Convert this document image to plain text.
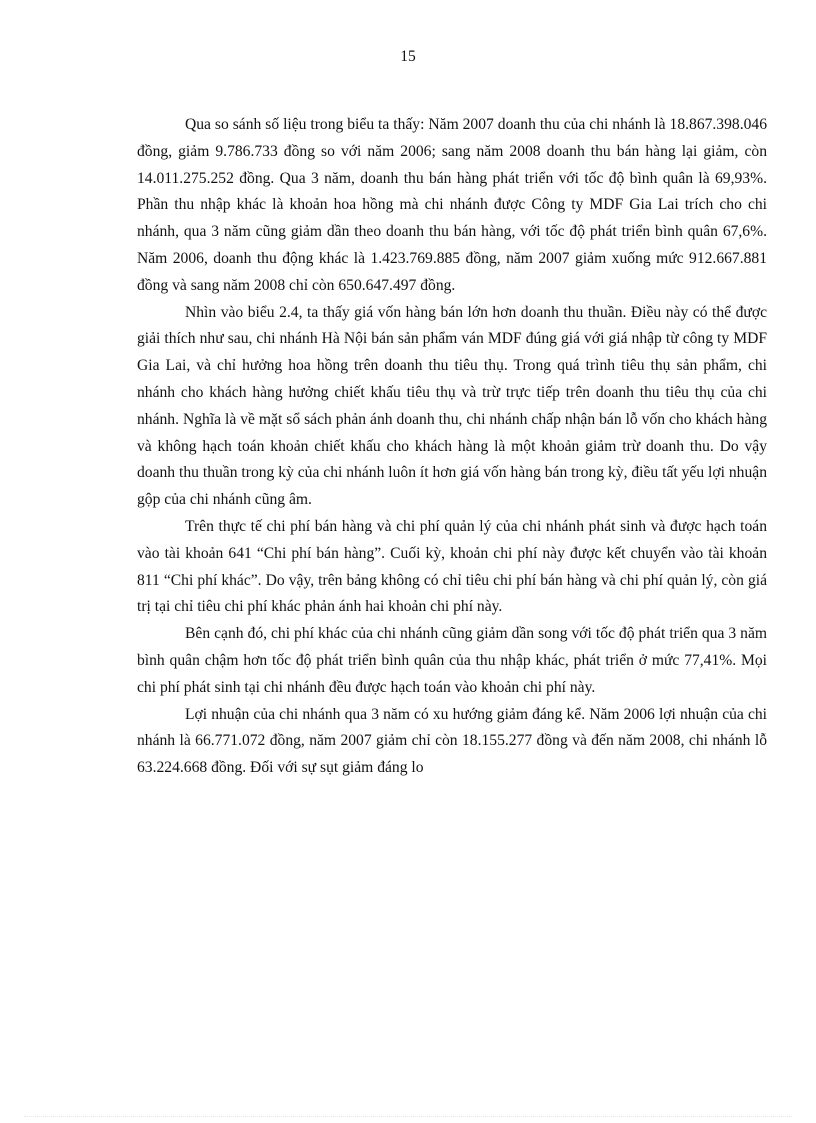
15

Qua so sánh số liệu trong biểu ta thấy: Năm 2007 doanh thu của chi nhánh là 18.867.398.046 đồng, giảm 9.786.733 đồng so với năm 2006; sang năm 2008 doanh thu bán hàng lại giảm, còn 14.011.275.252 đồng. Qua 3 năm, doanh thu bán hàng phát triển với tốc độ bình quân là 69,93%. Phần thu nhập khác là khoản hoa hồng mà chi nhánh được Công ty MDF Gia Lai trích cho chi nhánh, qua 3 năm cũng giảm dần theo doanh thu bán hàng, với tốc độ phát triển bình quân 67,6%. Năm 2006, doanh thu động khác là 1.423.769.885 đồng, năm 2007 giảm xuống mức 912.667.881 đồng và sang năm 2008 chỉ còn 650.647.497 đồng.

Nhìn vào biểu 2.4, ta thấy giá vốn hàng bán lớn hơn doanh thu thuần. Điều này có thể được giải thích như sau, chi nhánh Hà Nội bán sản phẩm ván MDF đúng giá với giá nhập từ công ty MDF Gia Lai, và chỉ hưởng hoa hồng trên doanh thu tiêu thụ. Trong quá trình tiêu thụ sản phẩm, chi nhánh cho khách hàng hưởng chiết khấu tiêu thụ và trừ trực tiếp trên doanh thu tiêu thụ của chi nhánh. Nghĩa là về mặt sổ sách phản ánh doanh thu, chi nhánh chấp nhận bán lỗ vốn cho khách hàng và không hạch toán khoản chiết khấu cho khách hàng là một khoản giảm trừ doanh thu. Do vậy doanh thu thuần trong kỳ của chi nhánh luôn ít hơn giá vốn hàng bán trong kỳ, điều tất yếu lợi nhuận gộp của chi nhánh cũng âm.

Trên thực tế chi phí bán hàng và chi phí quản lý của chi nhánh phát sinh và được hạch toán vào tài khoản 641 “Chi phí bán hàng”. Cuối kỳ, khoản chi phí này được kết chuyển vào tài khoản 811 “Chi phí khác”. Do vậy, trên bảng không có chỉ tiêu chi phí bán hàng và chi phí quản lý, còn giá trị tại chỉ tiêu chi phí khác phản ánh hai khoản chi phí này.

Bên cạnh đó, chi phí khác của chi nhánh cũng giảm dần song với tốc độ phát triển qua 3 năm bình quân chậm hơn tốc độ phát triển bình quân của thu nhập khác, phát triển ở mức 77,41%. Mọi chi phí phát sinh tại chi nhánh đều được hạch toán vào khoản chi phí này.

Lợi nhuận của chi nhánh qua 3 năm có xu hướng giảm đáng kể. Năm 2006 lợi nhuận của chi nhánh là 66.771.072 đồng, năm 2007 giảm chỉ còn 18.155.277 đồng và đến năm 2008, chi nhánh lỗ 63.224.668 đồng. Đối với sự sụt giảm đáng lo
